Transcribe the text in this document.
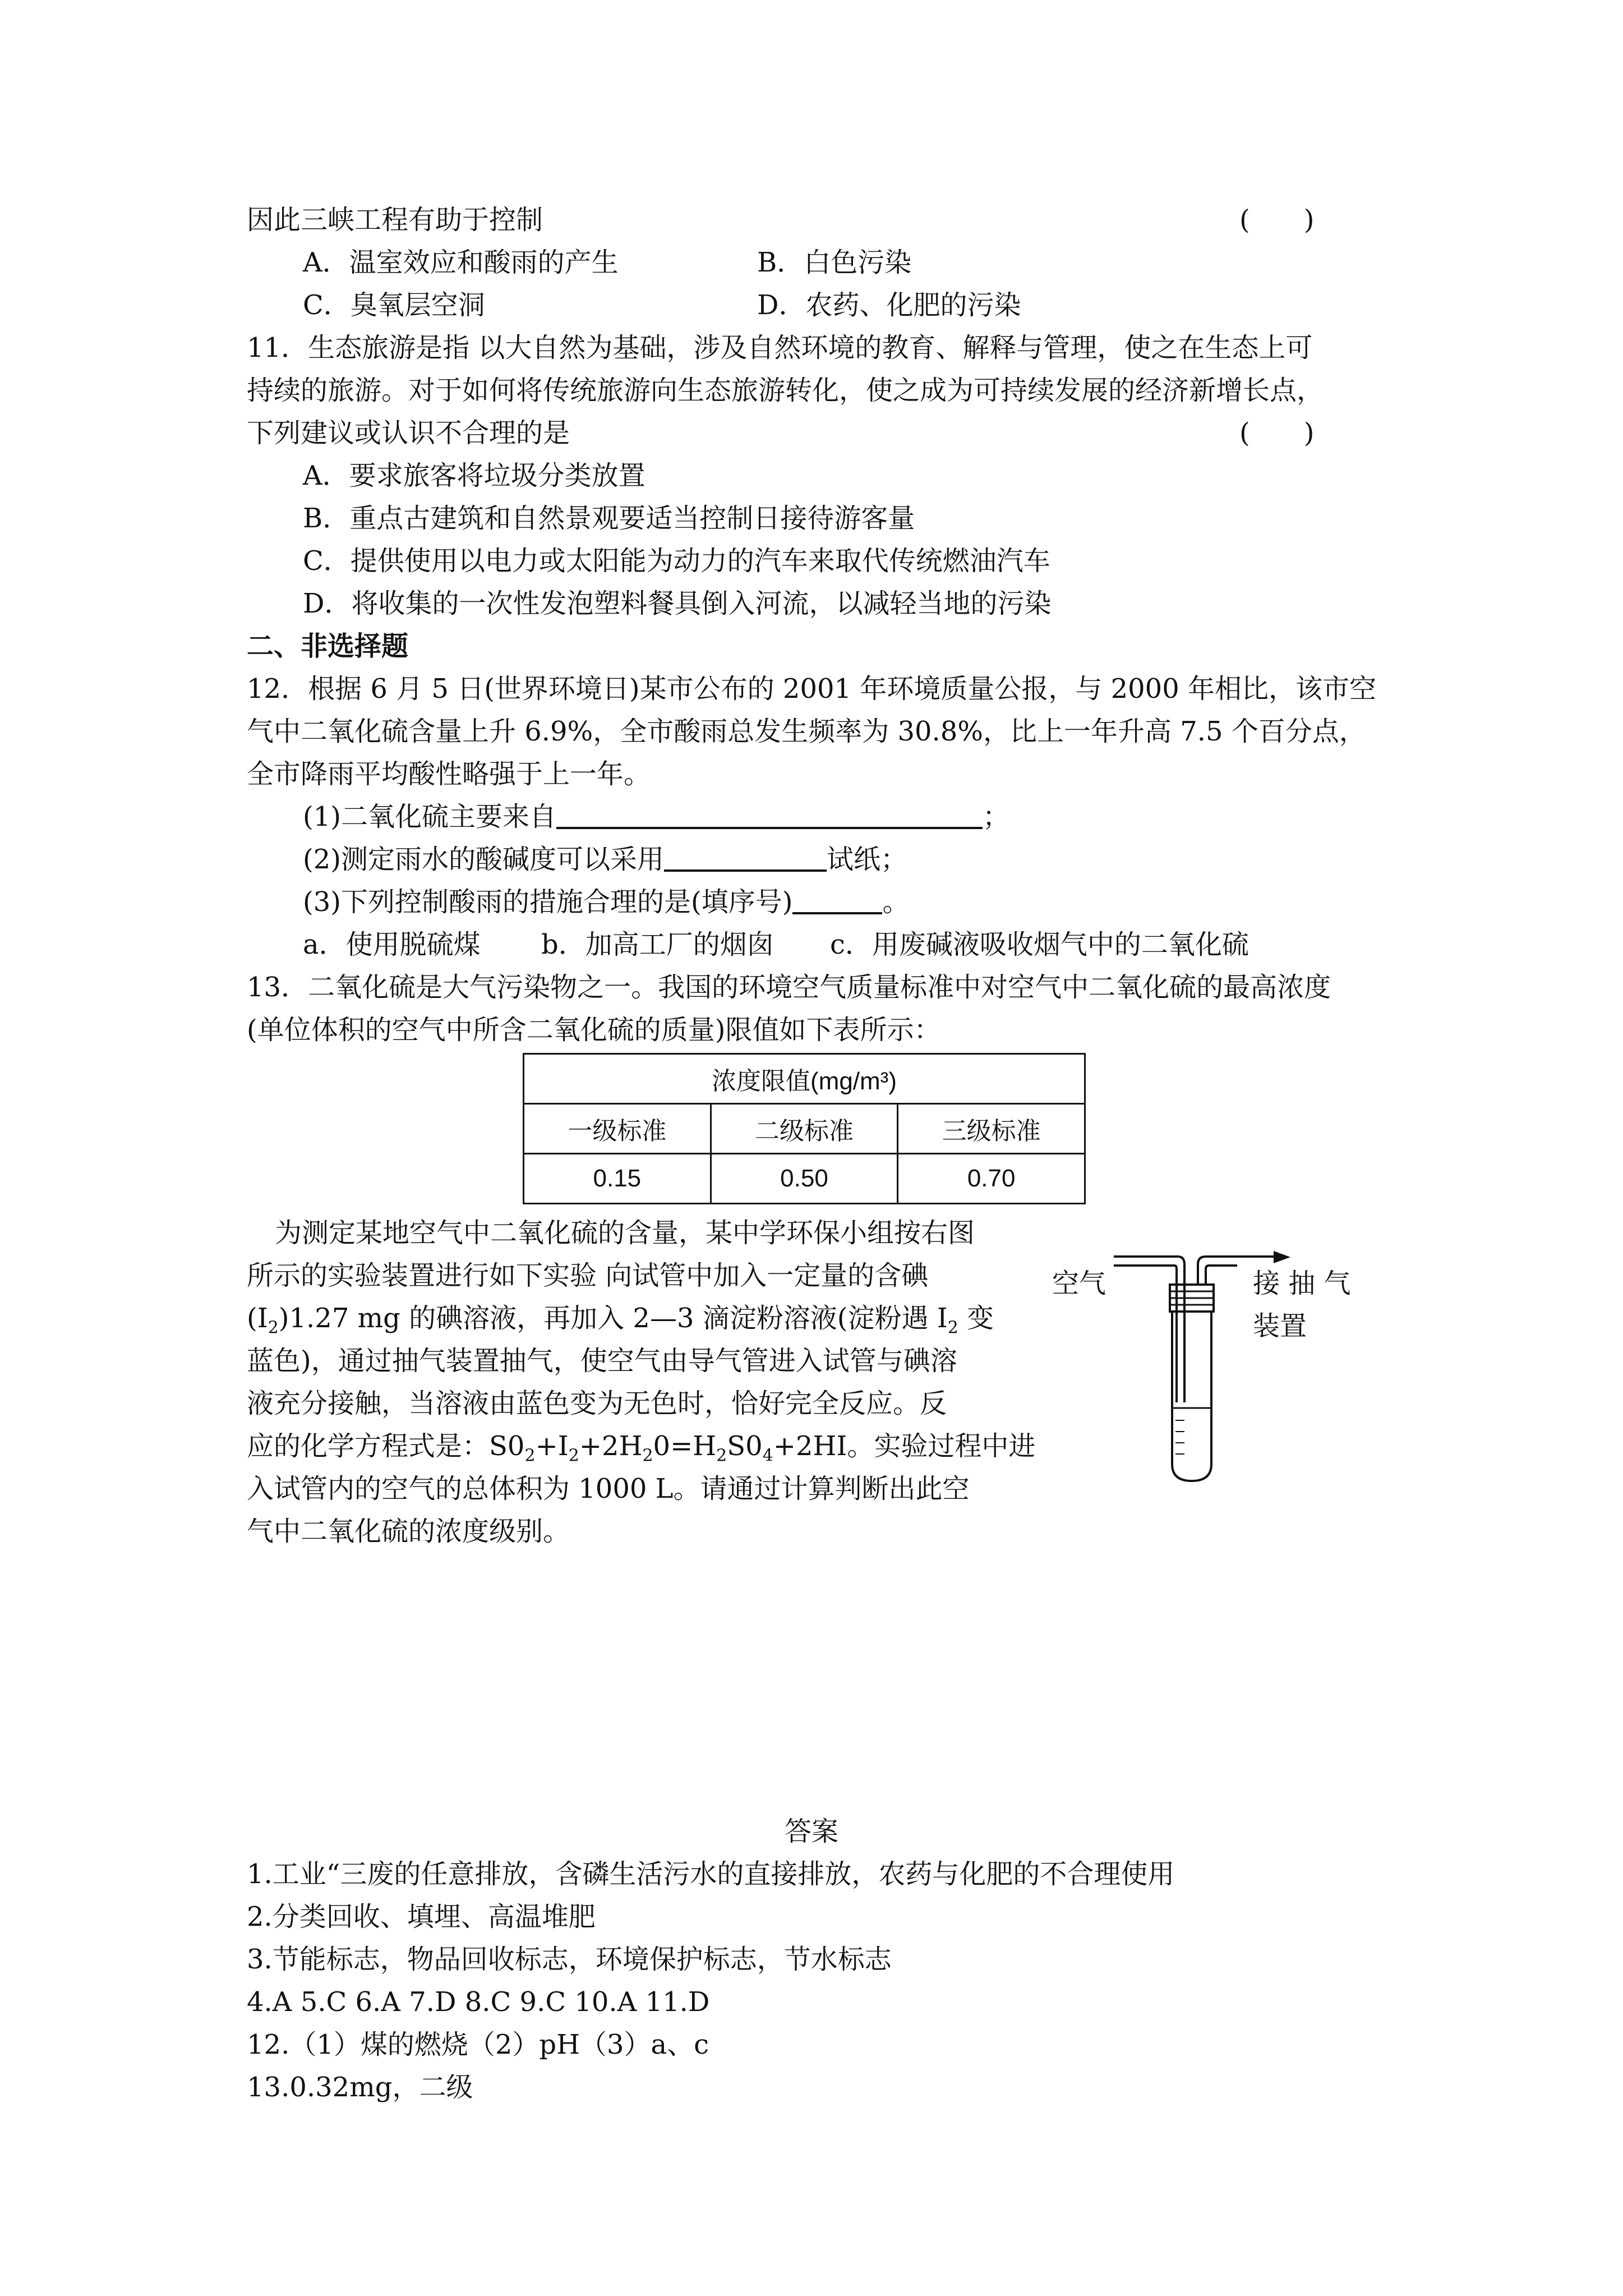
因此三峡工程有助于控制	(　　)
A．温室效应和酸雨的产生	B．白色污染
C．臭氧层空洞	D．农药、化肥的污染
11．生态旅游是指 以大自然为基础，涉及自然环境的教育、解释与管理，使之在生态上可
持续的旅游。对于如何将传统旅游向生态旅游转化，使之成为可持续发展的经济新增长点，
下列建议或认识不合理的是	(　　)
A．要求旅客将垃圾分类放置
B．重点古建筑和自然景观要适当控制日接待游客量
C．提供使用以电力或太阳能为动力的汽车来取代传统燃油汽车
D．将收集的一次性发泡塑料餐具倒入河流，以减轻当地的污染
二、非选择题
12．根据 6 月 5 日(世界环境日)某市公布的 2001 年环境质量公报，与 2000 年相比，该市空
气中二氧化硫含量上升 6.9%，全市酸雨总发生频率为 30.8%，比上一年升高 7.5 个百分点，
全市降雨平均酸性略强于上一年。
(1)二氧化硫主要来自	；
(2)测定雨水的酸碱度可以采用	试纸；
(3)下列控制酸雨的措施合理的是(填序号)	。
a．使用脱硫煤 b．加高工厂的烟囱 c．用废碱液吸收烟气中的二氧化硫
13．二氧化硫是大气污染物之一。我国的环境空气质量标准中对空气中二氧化硫的最高浓度
(单位体积的空气中所含二氧化硫的质量)限值如下表所示：
浓度限值(mg/m³)		
一级标准	二级标准	三级标准
0.15	0.50	0.70
为测定某地空气中二氧化硫的含量，某中学环保小组按右图
所示的实验装置进行如下实验 向试管中加入一定量的含碘
$(I_2)1.27$ mg 的碘溶液，再加入 2—3 滴淀粉溶液(淀粉遇 $I_2$ 变
蓝色)，通过抽气装置抽气，使空气由导气管进入试管与碘溶
液充分接触，当溶液由蓝色变为无色时，恰好完全反应。反
应的化学方程式是：$S0_2+I_2+2H_20=H_2S0_4+2HI$。实验过程中进
入试管内的空气的总体积为 1000 L。请通过计算判断出此空
气中二氧化硫的浓度级别。
空气	接 抽 气
装置
答案
1.工业“三废的任意排放，含磷生活污水的直接排放，农药与化肥的不合理使用
2.分类回收、填埋、高温堆肥
3.节能标志，物品回收标志，环境保护标志，节水标志
4.A 5.C 6.A 7.D 8.C 9.C 10.A 11.D
12.（1）煤的燃烧（2）pH（3）a、c
13.0.32mg，二级
